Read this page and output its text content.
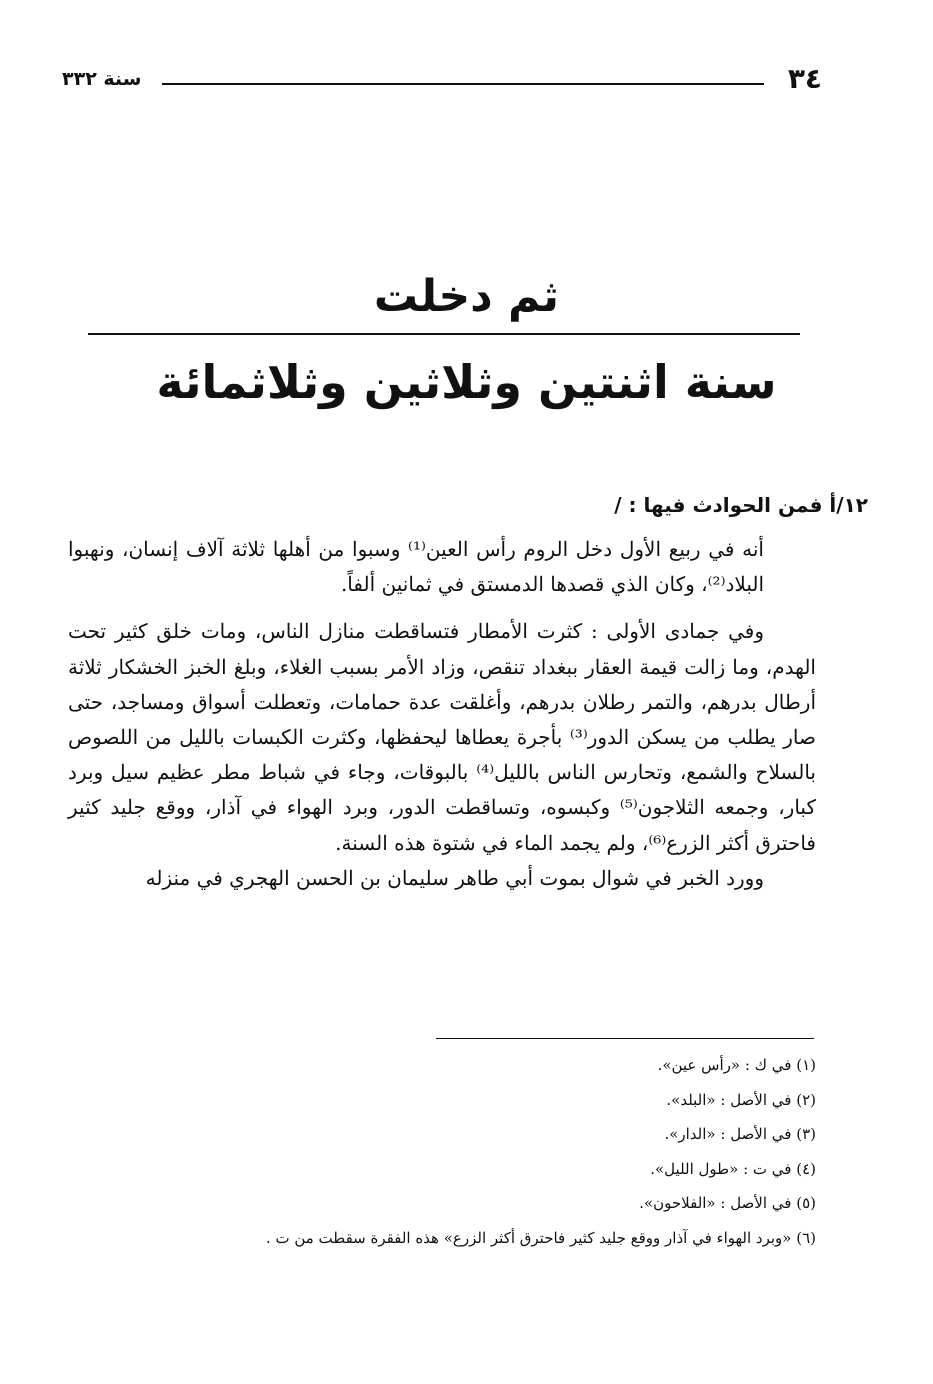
٣٤
سنة ٣٣٢
ثم دخلت
سنة اثنتين وثلاثين وثلاثمائة

١٢/أ فمن الحوادث فيها : /

أنه في ربيع الأول دخل الروم رأس العين⁽¹⁾ وسبوا من أهلها ثلاثة آلاف إنسان، ونهبوا البلاد⁽²⁾، وكان الذي قصدها الدمستق في ثمانين ألفاً.

وفي جمادى الأولى : كثرت الأمطار فتساقطت منازل الناس، ومات خلق كثير تحت الهدم، وما زالت قيمة العقار ببغداد تنقص، وزاد الأمر بسبب الغلاء، وبلغ الخبز الخشكار ثلاثة أرطال بدرهم، والتمر رطلان بدرهم، وأغلقت عدة حمامات، وتعطلت أسواق ومساجد، حتى صار يطلب من يسكن الدور⁽³⁾ بأجرة يعطاها ليحفظها، وكثرت الكبسات بالليل من اللصوص بالسلاح والشمع، وتحارس الناس بالليل⁽⁴⁾ بالبوقات، وجاء في شباط مطر عظيم سيل وبرد كبار، وجمعه الثلاجون⁽⁵⁾ وكبسوه، وتساقطت الدور، وبرد الهواء في آذار، ووقع جليد كثير فاحترق أكثر الزرع⁽⁶⁾، ولم يجمد الماء في شتوة هذه السنة.

وورد الخبر في شوال بموت أبي طاهر سليمان بن الحسن الهجري في منزله

(١) في ك : «رأس عين».
(٢) في الأصل : «البلد».
(٣) في الأصل : «الدار».
(٤) في ت : «طول الليل».
(٥) في الأصل : «الفلاحون».
(٦) «وبرد الهواء في آذار ووقع جليد كثير فاحترق أكثر الزرع» هذه الفقرة سقطت من ت .
